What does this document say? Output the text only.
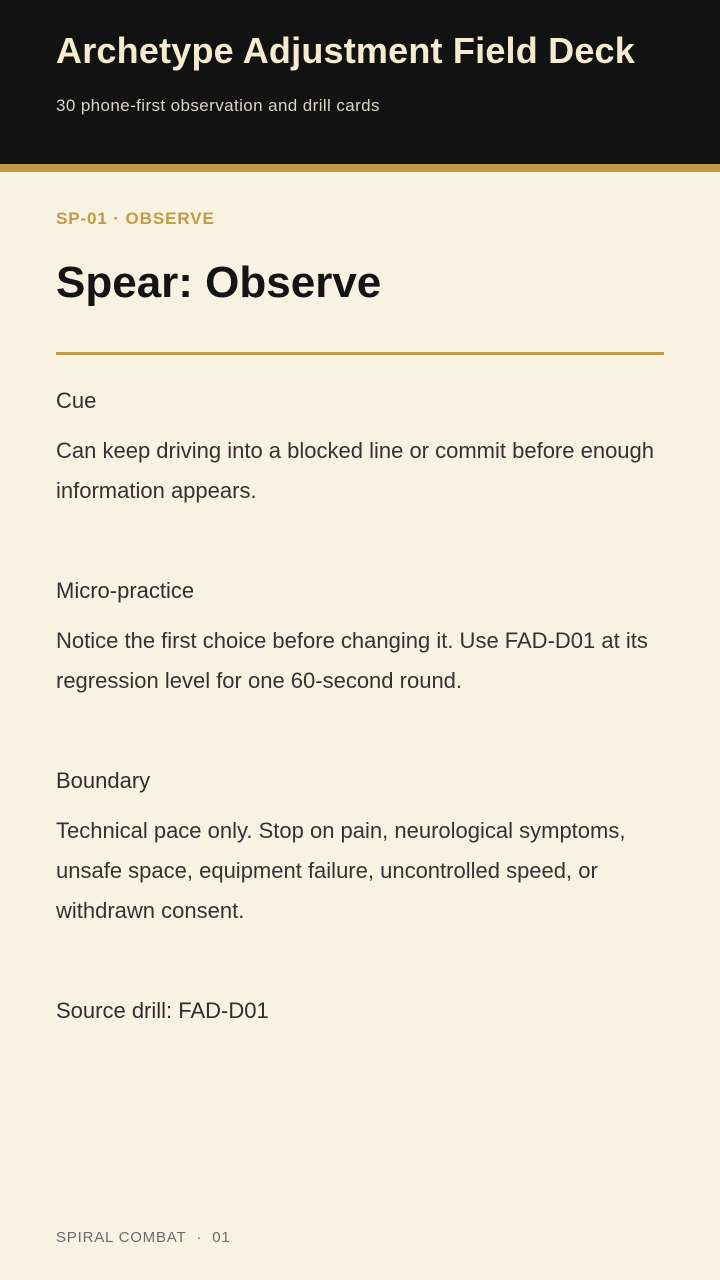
Archetype Adjustment Field Deck

30 phone-first observation and drill cards

SP-01 · OBSERVE
Spear: Observe

Cue

Can keep driving into a blocked line or commit before enough information appears.

Micro-practice

Notice the first choice before changing it. Use FAD-D01 at its regression level for one 60-second round.

Boundary

Technical pace only. Stop on pain, neurological symptoms, unsafe space, equipment failure, uncontrolled speed, or withdrawn consent.

Source drill: FAD-D01

SPIRAL COMBAT · 01
